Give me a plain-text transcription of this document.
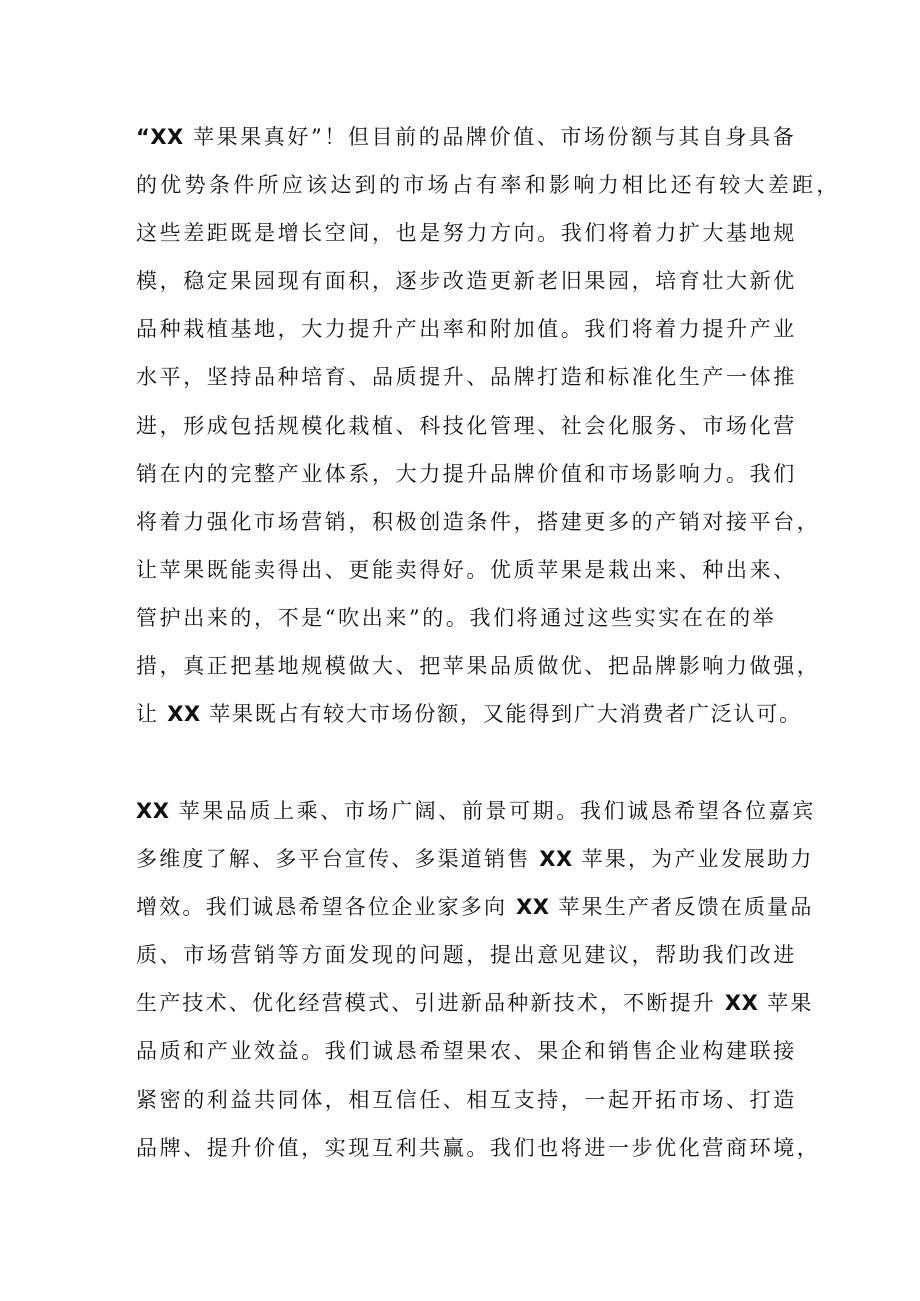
“XX 苹果果真好”！但目前的品牌价值、市场份额与其自身具备
的优势条件所应该达到的市场占有率和影响力相比还有较大差距，
这些差距既是增长空间，也是努力方向。我们将着力扩大基地规
模，稳定果园现有面积，逐步改造更新老旧果园，培育壮大新优
品种栽植基地，大力提升产出率和附加值。我们将着力提升产业
水平，坚持品种培育、品质提升、品牌打造和标准化生产一体推
进，形成包括规模化栽植、科技化管理、社会化服务、市场化营
销在内的完整产业体系，大力提升品牌价值和市场影响力。我们
将着力强化市场营销，积极创造条件，搭建更多的产销对接平台，
让苹果既能卖得出、更能卖得好。优质苹果是栽出来、种出来、
管护出来的，不是“吹出来”的。我们将通过这些实实在在的举
措，真正把基地规模做大、把苹果品质做优、把品牌影响力做强，
让 XX 苹果既占有较大市场份额，又能得到广大消费者广泛认可。
XX 苹果品质上乘、市场广阔、前景可期。我们诚恳希望各位嘉宾
多维度了解、多平台宣传、多渠道销售 XX 苹果，为产业发展助力
增效。我们诚恳希望各位企业家多向 XX 苹果生产者反馈在质量品
质、市场营销等方面发现的问题，提出意见建议，帮助我们改进
生产技术、优化经营模式、引进新品种新技术，不断提升 XX 苹果
品质和产业效益。我们诚恳希望果农、果企和销售企业构建联接
紧密的利益共同体，相互信任、相互支持，一起开拓市场、打造
品牌、提升价值，实现互利共赢。我们也将进一步优化营商环境，
